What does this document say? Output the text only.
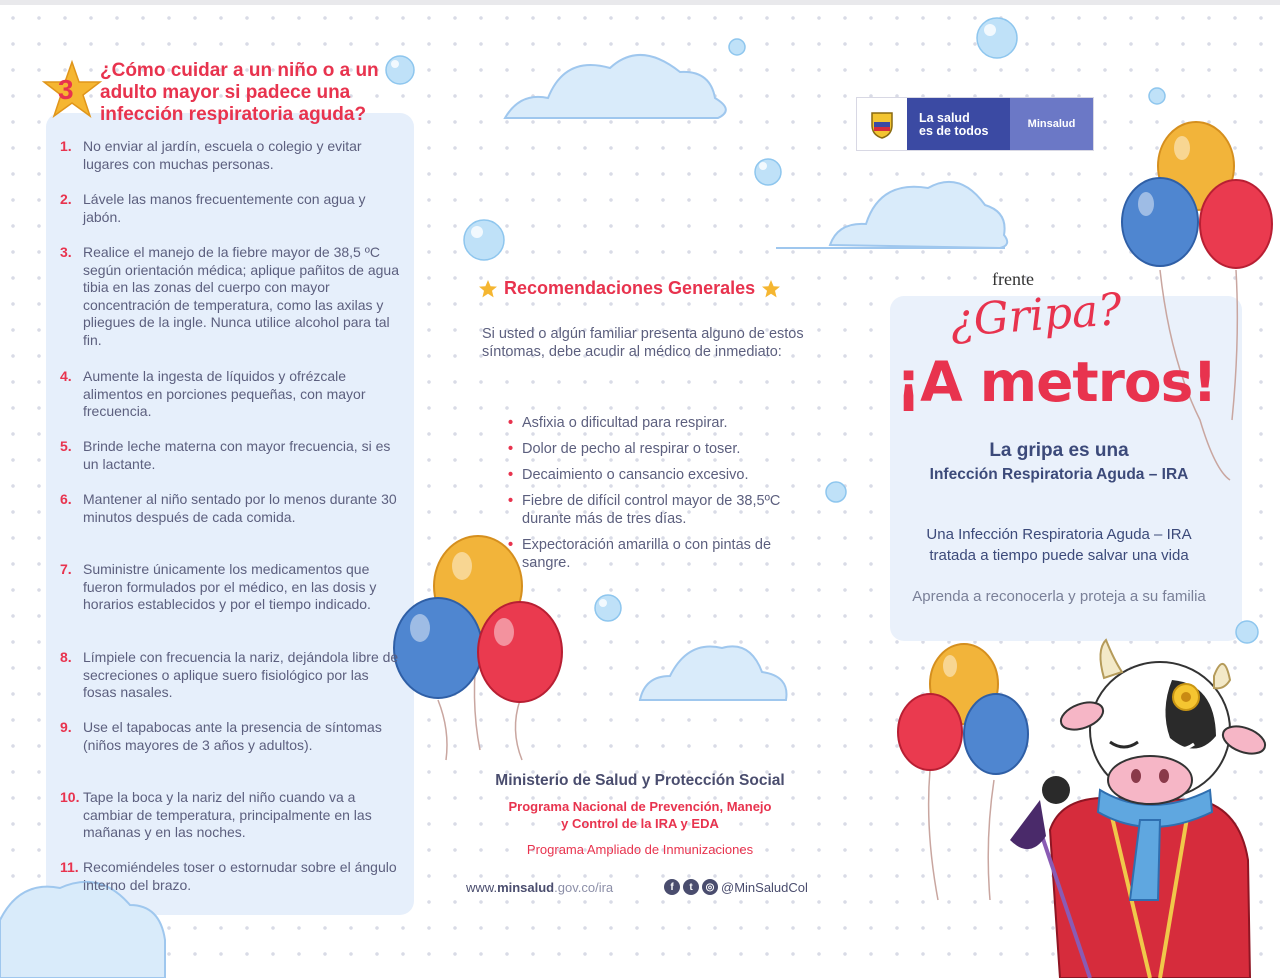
3
¿Cómo cuidar a un niño o a un adulto mayor si padece una infección respiratoria aguda?
1. No enviar al jardín, escuela o colegio y evitar lugares con muchas personas.
2. Lávele las manos frecuentemente con agua y jabón.
3. Realice el manejo de la fiebre mayor de 38,5 ºC según orientación médica; aplique pañitos de agua tibia en las zonas del cuerpo con mayor concentración de temperatura, como las axilas y pliegues de la ingle. Nunca utilice alcohol para tal fin.
4. Aumente la ingesta de líquidos y ofrézcale alimentos en porciones pequeñas, con mayor frecuencia.
5. Brinde leche materna con mayor frecuencia, si es un lactante.
6. Mantener al niño sentado por lo menos durante 30 minutos después de cada comida.
7. Suministre únicamente los medicamentos que fueron formulados por el médico, en las dosis y horarios establecidos y por el tiempo indicado.
8. Límpiele con frecuencia la nariz, dejándola libre de secreciones o aplique suero fisiológico por las fosas nasales.
9. Use el tapabocas ante la presencia de síntomas (niños mayores de 3 años y adultos).
10. Tape la boca y la nariz del niño cuando va a cambiar de temperatura, principalmente en las mañanas y en las noches.
11. Recomiéndeles toser o estornudar sobre el ángulo interno del brazo.
Recomendaciones Generales
Si usted o algún familiar presenta alguno de estos síntomas, debe acudir al médico de inmediato:
• Asfixia o dificultad para respirar.
• Dolor de pecho al respirar o toser.
• Decaimiento o cansancio excesivo.
• Fiebre de difícil control mayor de 38,5ºC durante más de tres días.
• Expectoración amarilla o con pintas de sangre.
Ministerio de Salud y Protección Social
Programa Nacional de Prevención, Manejo
y Control de la IRA y EDA
Programa Ampliado de Inmunizaciones
www.minsalud.gov.co/ira	f	t	◎ @MinSaludCol
La salud
es de todos	Minsalud
frente
¿Gripa?
¡A metros!
La gripa es una
Infección Respiratoria Aguda – IRA
Una Infección Respiratoria Aguda – IRA
tratada a tiempo puede salvar una vida
Aprenda a reconocerla y proteja a su familia
